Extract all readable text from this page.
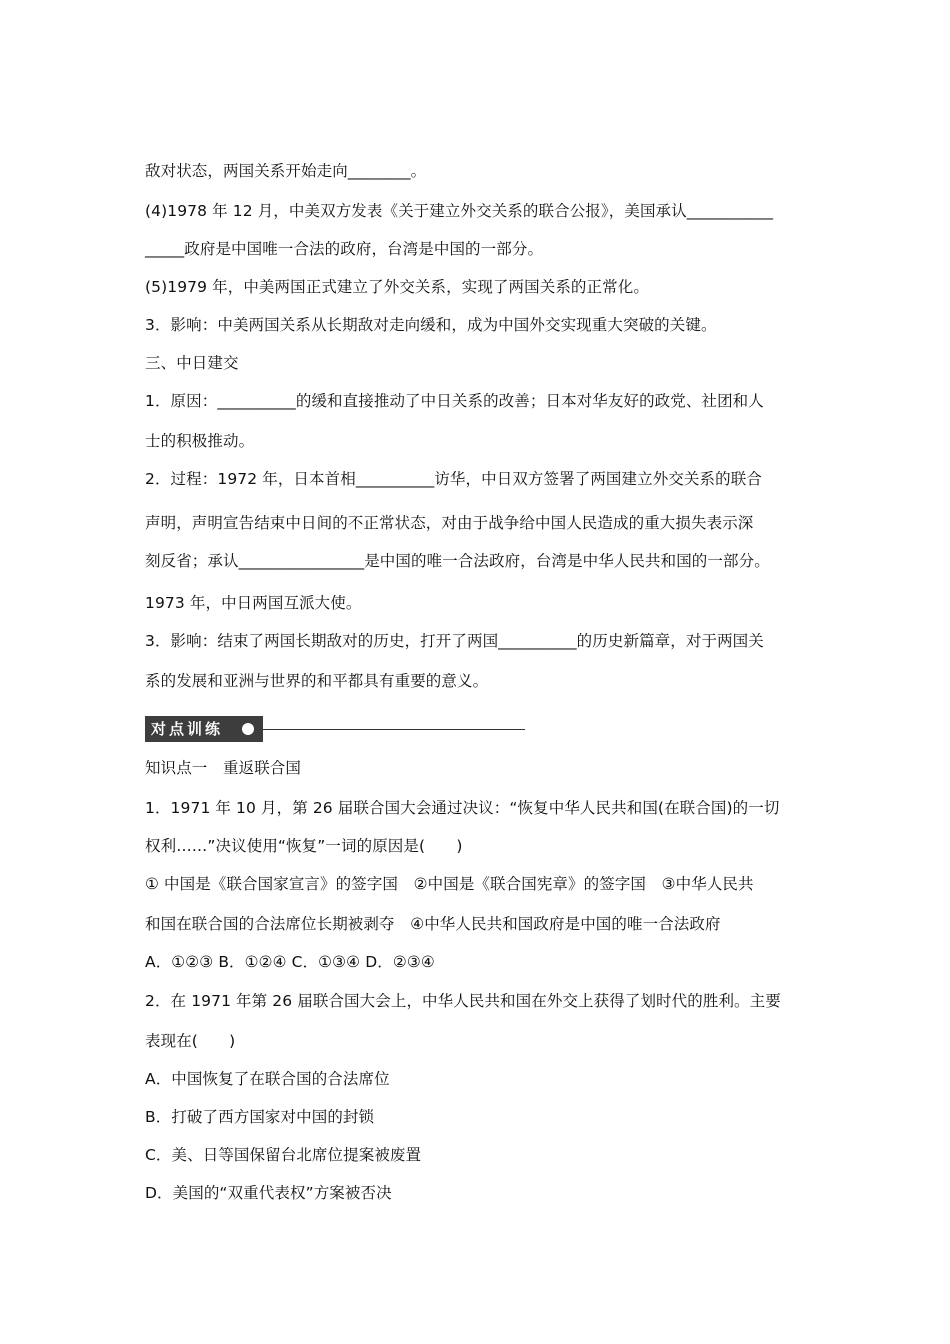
敌对状态，两国关系开始走向________。
(4)1978 年 12 月，中美双方发表《关于建立外交关系的联合公报》，美国承认___________
_____政府是中国唯一合法的政府，台湾是中国的一部分。
(5)1979 年，中美两国正式建立了外交关系，实现了两国关系的正常化。
3．影响：中美两国关系从长期敌对走向缓和，成为中国外交实现重大突破的关键。
三、中日建交
1．原因：__________的缓和直接推动了中日关系的改善；日本对华友好的政党、社团和人
士的积极推动。
2．过程：1972 年，日本首相__________访华，中日双方签署了两国建立外交关系的联合
声明，声明宣告结束中日间的不正常状态，对由于战争给中国人民造成的重大损失表示深
刻反省；承认________________是中国的唯一合法政府，台湾是中华人民共和国的一部分。
1973 年，中日两国互派大使。
3．影响：结束了两国长期敌对的历史，打开了两国__________的历史新篇章，对于两国关
系的发展和亚洲与世界的和平都具有重要的意义。
对点训练
知识点一　重返联合国
1．1971 年 10 月，第 26 届联合国大会通过决议：“恢复中华人民共和国(在联合国)的一切
权利……”决议使用“恢复”一词的原因是(　　)
① 中国是《联合国家宣言》的签字国　②中国是《联合国宪章》的签字国　③中华人民共
和国在联合国的合法席位长期被剥夺　④中华人民共和国政府是中国的唯一合法政府
A．①②③ B．①②④ C．①③④ D．②③④
2．在 1971 年第 26 届联合国大会上，中华人民共和国在外交上获得了划时代的胜利。主要
表现在(　　)
A．中国恢复了在联合国的合法席位
B．打破了西方国家对中国的封锁
C．美、日等国保留台北席位提案被废置
D．美国的“双重代表权”方案被否决
